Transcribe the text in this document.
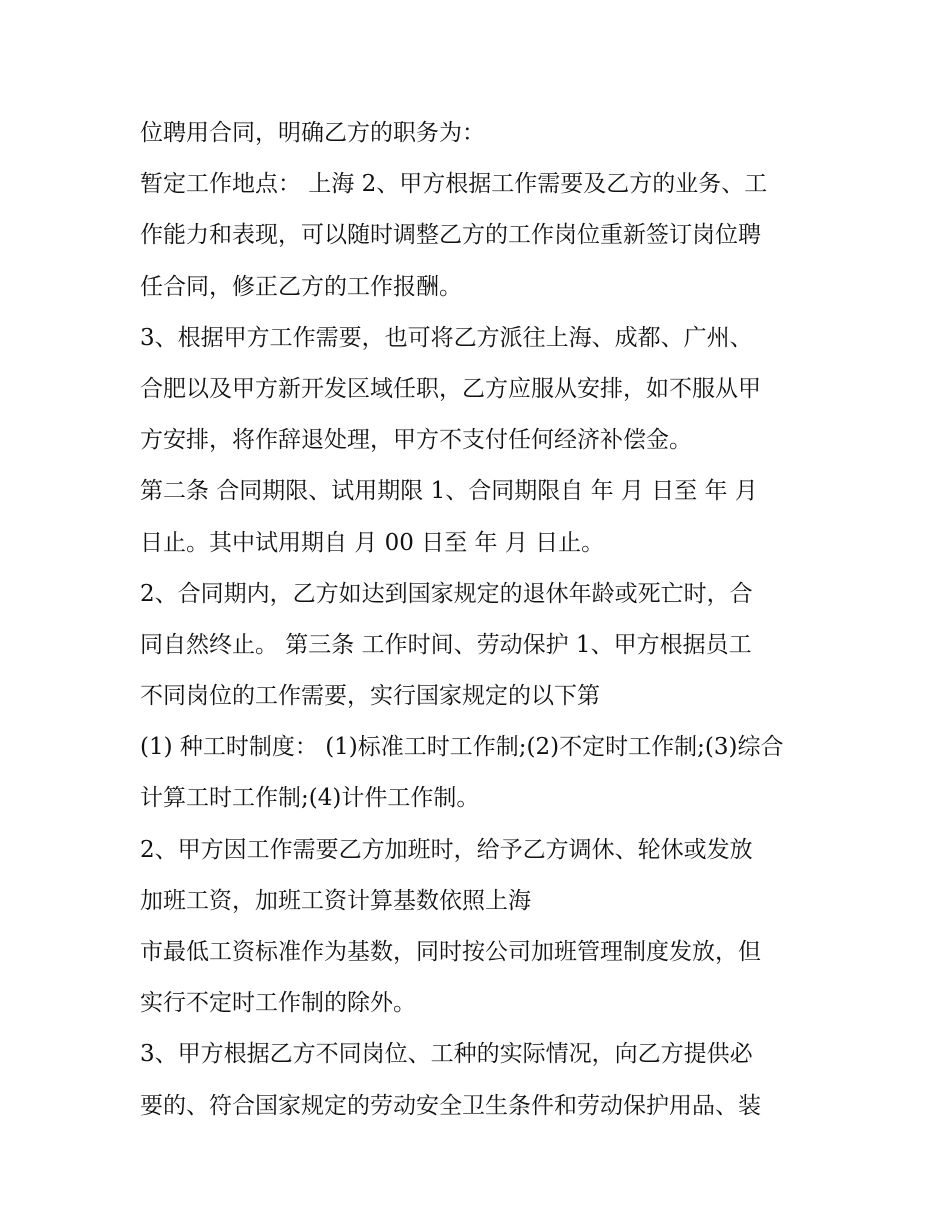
位聘用合同，明确乙方的职务为：
暂定工作地点： 上海 2、甲方根据工作需要及乙方的业务、工
作能力和表现，可以随时调整乙方的工作岗位重新签订岗位聘
任合同，修正乙方的工作报酬。
3、根据甲方工作需要，也可将乙方派往上海、成都、广州、
合肥以及甲方新开发区域任职，乙方应服从安排，如不服从甲
方安排，将作辞退处理，甲方不支付任何经济补偿金。
第二条 合同期限、试用期限 1、合同期限自 年 月 日至 年 月
日止。其中试用期自 月 00 日至 年 月 日止。
2、合同期内，乙方如达到国家规定的退休年龄或死亡时，合
同自然终止。 第三条 工作时间、劳动保护 1、甲方根据员工
不同岗位的工作需要，实行国家规定的以下第
(1) 种工时制度： (1)标准工时工作制;(2)不定时工作制;(3)综合
计算工时工作制;(4)计件工作制。
2、甲方因工作需要乙方加班时，给予乙方调休、轮休或发放
加班工资，加班工资计算基数依照上海
市最低工资标准作为基数，同时按公司加班管理制度发放，但
实行不定时工作制的除外。
3、甲方根据乙方不同岗位、工种的实际情况，向乙方提供必
要的、符合国家规定的劳动安全卫生条件和劳动保护用品、装
